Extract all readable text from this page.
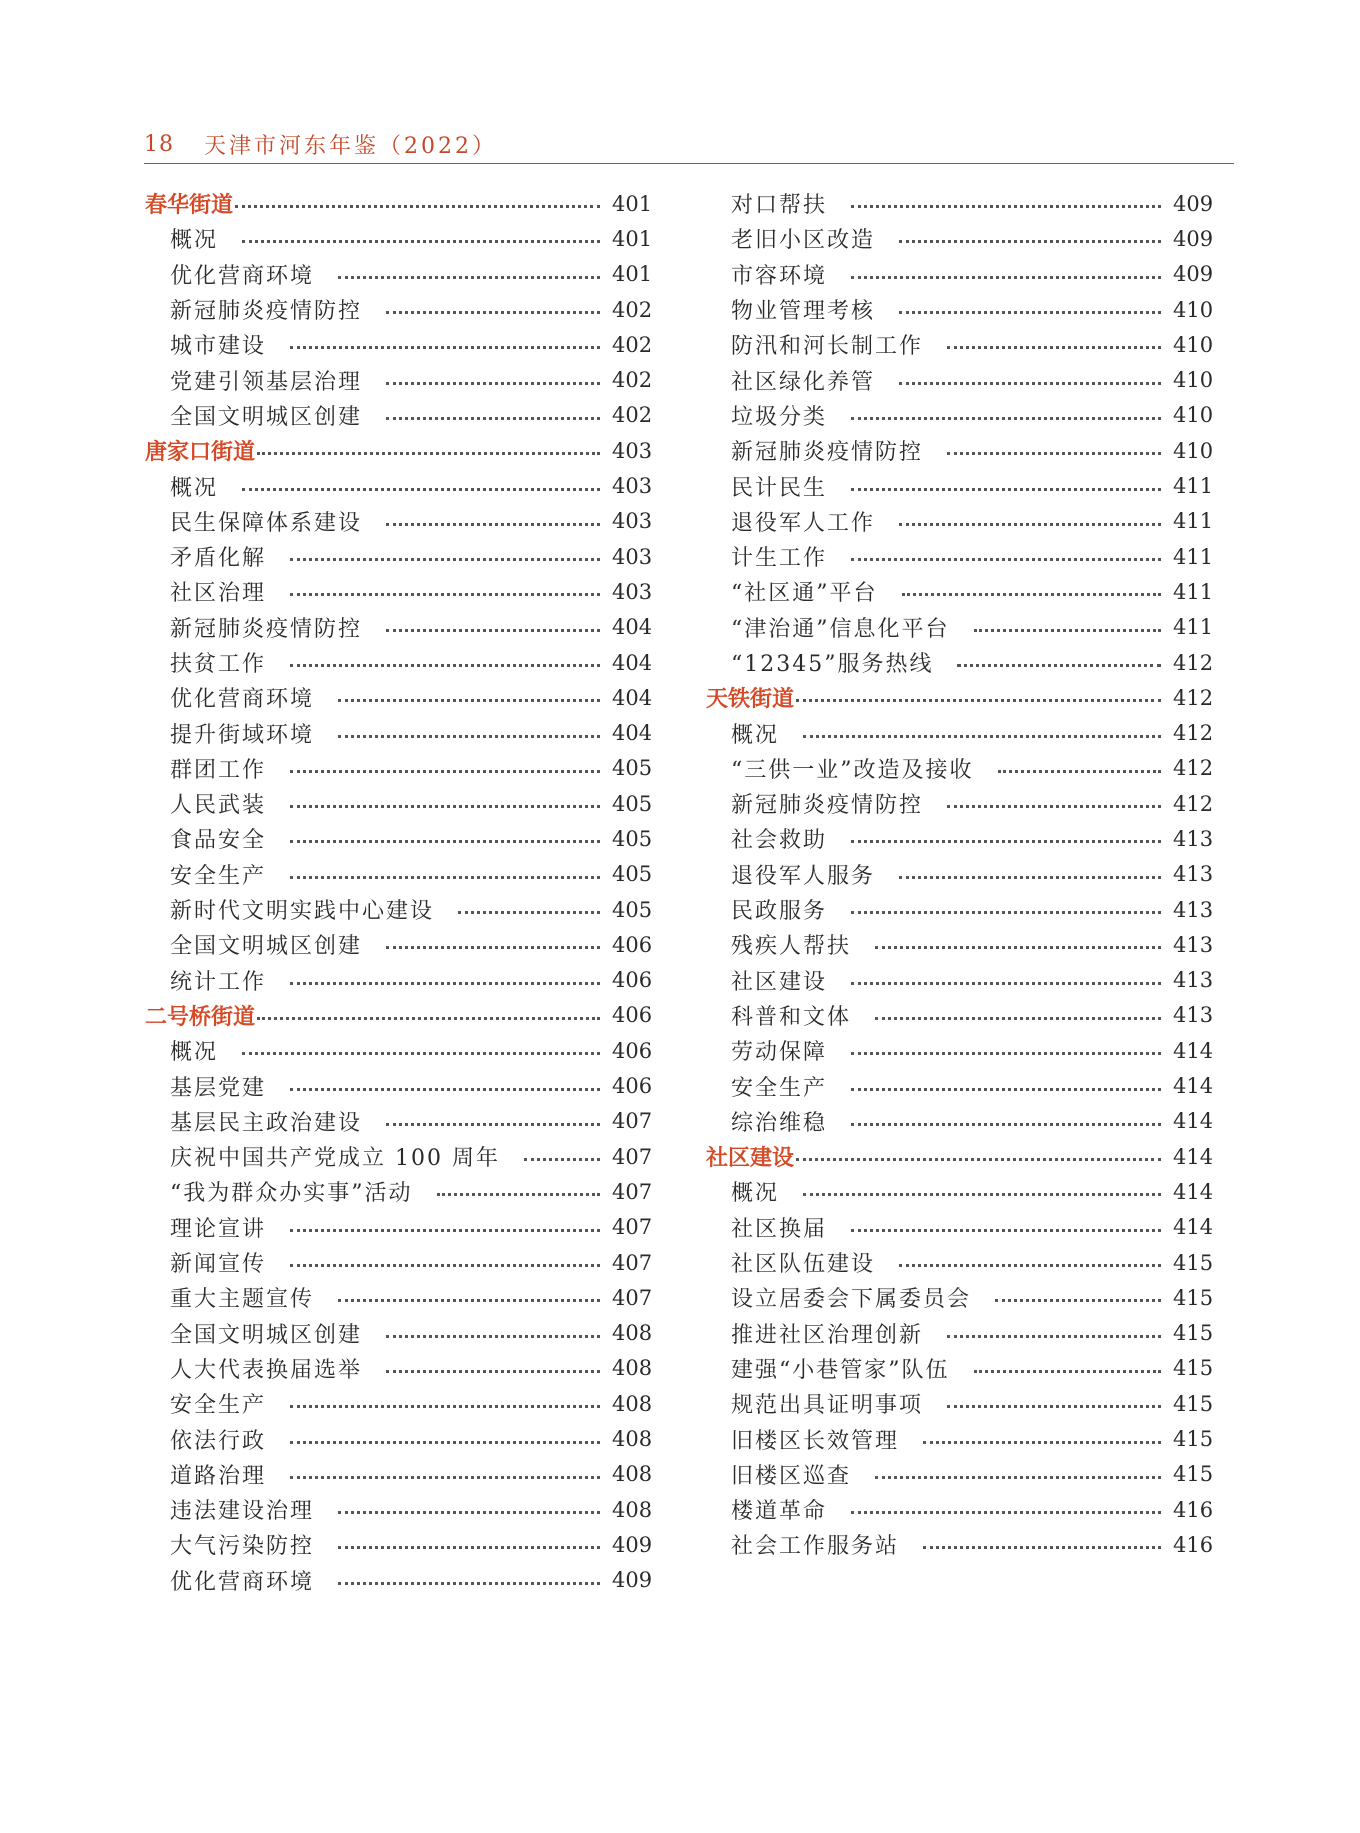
18	天津市河东年鉴（2022）
春华街道	401
概况	401
优化营商环境	401
新冠肺炎疫情防控	402
城市建设	402
党建引领基层治理	402
全国文明城区创建	402
唐家口街道	403
概况	403
民生保障体系建设	403
矛盾化解	403
社区治理	403
新冠肺炎疫情防控	404
扶贫工作	404
优化营商环境	404
提升街域环境	404
群团工作	405
人民武装	405
食品安全	405
安全生产	405
新时代文明实践中心建设	405
全国文明城区创建	406
统计工作	406
二号桥街道	406
概况	406
基层党建	406
基层民主政治建设	407
庆祝中国共产党成立 100 周年	407
“我为群众办实事”活动	407
理论宣讲	407
新闻宣传	407
重大主题宣传	407
全国文明城区创建	408
人大代表换届选举	408
安全生产	408
依法行政	408
道路治理	408
违法建设治理	408
大气污染防控	409
优化营商环境	409
对口帮扶	409
老旧小区改造	409
市容环境	409
物业管理考核	410
防汛和河长制工作	410
社区绿化养管	410
垃圾分类	410
新冠肺炎疫情防控	410
民计民生	411
退役军人工作	411
计生工作	411
“社区通”平台	411
“津治通”信息化平台	411
“12345”服务热线	412
天铁街道	412
概况	412
“三供一业”改造及接收	412
新冠肺炎疫情防控	412
社会救助	413
退役军人服务	413
民政服务	413
残疾人帮扶	413
社区建设	413
科普和文体	413
劳动保障	414
安全生产	414
综治维稳	414
社区建设	414
概况	414
社区换届	414
社区队伍建设	415
设立居委会下属委员会	415
推进社区治理创新	415
建强“小巷管家”队伍	415
规范出具证明事项	415
旧楼区长效管理	415
旧楼区巡查	415
楼道革命	416
社会工作服务站	416
